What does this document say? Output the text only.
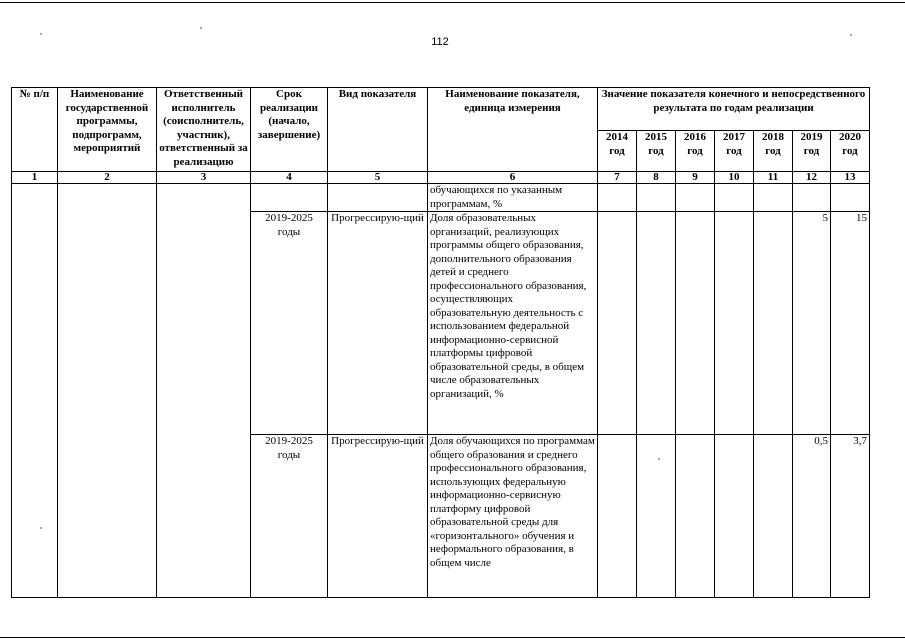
112
№ п/п	Наименование государственной программы, подпрограмм, мероприятий	Ответственный исполнитель (соисполнитель, участник), ответственный за реализацию	Срок реализации (начало, завершение)	Вид показателя	Наименование показателя, единица измерения	Значение показателя конечного и непосредственного результата по годам реализации						
						2014 год	2015 год	2016 год	2017 год	2018 год	2019 год	2020 год
1	2	3	4	5	6	7	8	9	10	11	12	13
					обучающихся по указанным программам, %							
			2019-2025 годы	Прогрессирую-щий	Доля образовательных организаций, реализующих программы общего образования, дополнительного образования детей и среднего профессионального образования, осуществляющих образовательную деятельность с использованием федеральной информационно-сервисной платформы цифровой образовательной среды, в общем числе образовательных организаций, %						5	15
			2019-2025 годы	Прогрессирую-щий	Доля обучающихся по программам общего образования и среднего профессионального образования, использующих федеральную информационно-сервисную платформу цифровой образовательной среды для «горизонтального» обучения и неформального образования, в общем числе						0,5	3,7
